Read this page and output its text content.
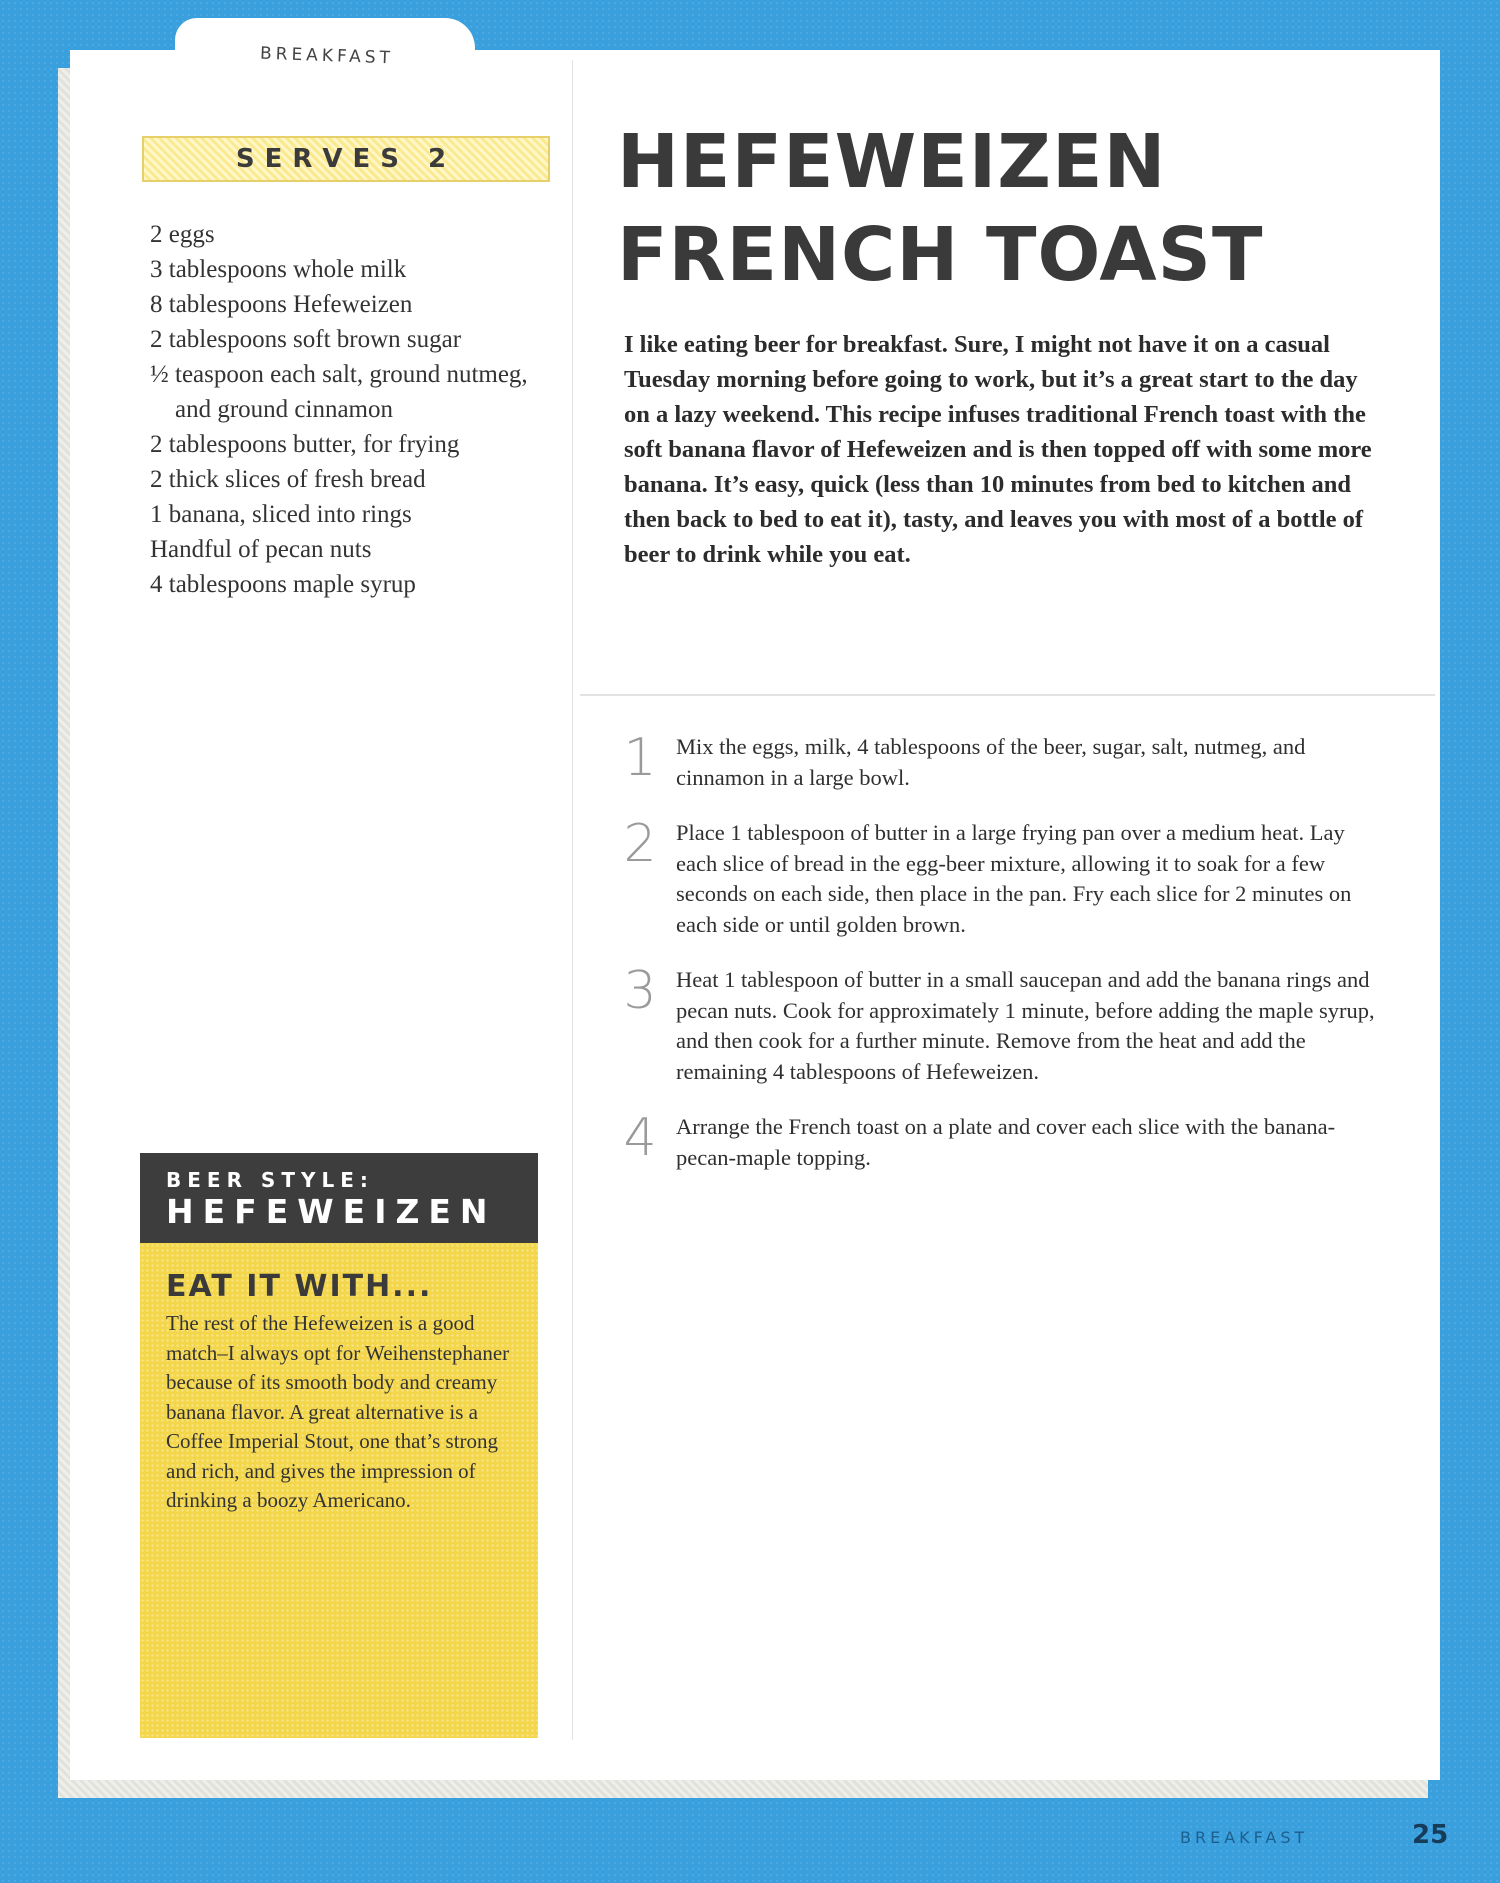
BREAKFAST
SERVES 2
2 eggs
3 tablespoons whole milk
8 tablespoons Hefeweizen
2 tablespoons soft brown sugar
½ teaspoon each salt, ground nutmeg, and ground cinnamon
2 tablespoons butter, for frying
2 thick slices of fresh bread
1 banana, sliced into rings
Handful of pecan nuts
4 tablespoons maple syrup
HEFEWEIZEN
FRENCH TOAST

I like eating beer for breakfast. Sure, I might not have it on a casual Tuesday morning before going to work, but it’s a great start to the day on a lazy weekend. This recipe infuses traditional French toast with the soft banana flavor of Hefeweizen and is then topped off with some more banana. It’s easy, quick (less than 10 minutes from bed to kitchen and then back to bed to eat it), tasty, and leaves you with most of a bottle of beer to drink while you eat.

1 Mix the eggs, milk, 4 tablespoons of the beer, sugar, salt, nutmeg, and cinnamon in a large bowl.
2 Place 1 tablespoon of butter in a large frying pan over a medium heat. Lay each slice of bread in the egg-beer mixture, allowing it to soak for a few seconds on each side, then place in the pan. Fry each slice for 2 minutes on each side or until golden brown.
3 Heat 1 tablespoon of butter in a small saucepan and add the banana rings and pecan nuts. Cook for approximately 1 minute, before adding the maple syrup, and then cook for a further minute. Remove from the heat and add the remaining 4 tablespoons of Hefeweizen.
4 Arrange the French toast on a plate and cover each slice with the banana-pecan-maple topping.
BEER STYLE:
HEFEWEIZEN
EAT IT WITH...
The rest of the Hefeweizen is a good match–I always opt for Weihenstephaner because of its smooth body and creamy banana flavor. A great alternative is a Coffee Imperial Stout, one that’s strong and rich, and gives the impression of drinking a boozy Americano.
BREAKFAST	25
